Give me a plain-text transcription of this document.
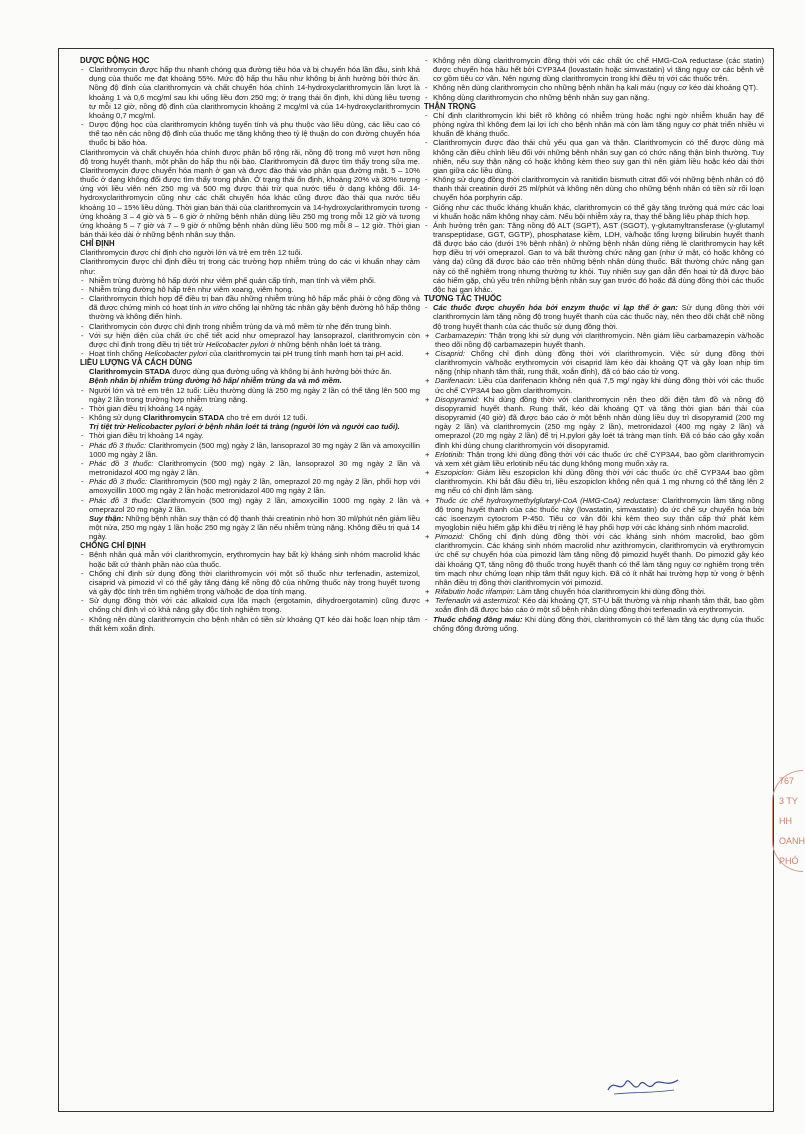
DƯỢC ĐỘNG HỌC

- Clarithromycin được hấp thu nhanh chóng qua đường tiêu hóa và bị chuyển hóa lần đầu, sinh khả dụng của thuốc mẹ đạt khoảng 55%. Mức độ hấp thu hầu như không bị ảnh hưởng bởi thức ăn. Nồng độ đỉnh của clarithromycin và chất chuyển hóa chính 14-hydroxyclarithromycin lần lượt là khoảng 1 và 0,6 mcg/ml sau khi uống liều đơn 250 mg; ở trạng thái ổn định, khi dùng liều tương tự mỗi 12 giờ, nồng độ đỉnh của clarithromycin khoảng 2 mcg/ml và của 14-hydroxyclarithromycin khoảng 0,7 mcg/ml.

- Dược động học của clarithromycin không tuyến tính và phụ thuộc vào liều dùng, các liều cao có thể tạo nên các nồng độ đỉnh của thuốc mẹ tăng không theo tỷ lệ thuận do con đường chuyển hóa thuốc bị bão hòa.

Clarithromycin và chất chuyển hóa chính được phân bố rộng rãi, nồng độ trong mô vượt hơn nồng độ trong huyết thanh, một phần do hấp thu nội bào. Clarithromycin đã được tìm thấy trong sữa mẹ. Clarithromycin được chuyển hóa mạnh ở gan và được đào thải vào phân qua đường mật. 5 – 10% thuốc ở dạng không đổi được tìm thấy trong phân. Ở trạng thái ổn định, khoảng 20% và 30% tương ứng với liều viên nén 250 mg và 500 mg được thải trừ qua nước tiểu ở dạng không đổi. 14-hydroxyclarithromycin cũng như các chất chuyển hóa khác cũng được đào thải qua nước tiểu khoảng 10 – 15% liều dùng. Thời gian bán thải của clarithromycin và 14-hydroxyclarithromycin tương ứng khoảng 3 – 4 giờ và 5 – 6 giờ ở những bệnh nhân dùng liều 250 mg trong mỗi 12 giờ và tương ứng khoảng 5 – 7 giờ và 7 – 9 giờ ở những bệnh nhân dùng liều 500 mg mỗi 8 – 12 giờ. Thời gian bán thải kéo dài ở những bệnh nhân suy thận.

CHỈ ĐỊNH

Clarithromycin được chỉ định cho người lớn và trẻ em trên 12 tuổi.

Clarithromycin được chỉ định điều trị trong các trường hợp nhiễm trùng do các vi khuẩn nhạy cảm như:

- Nhiễm trùng đường hô hấp dưới như viêm phế quản cấp tính, mạn tính và viêm phổi.

- Nhiễm trùng đường hô hấp trên như viêm xoang, viêm họng.

- Clarithromycin thích hợp để điều trị ban đầu những nhiễm trùng hô hấp mắc phải ở cộng đồng và đã được chứng minh có hoạt tính in vitro chống lại những tác nhân gây bệnh đường hô hấp thông thường và không điển hình.

- Clarithromycin còn được chỉ định trong nhiễm trùng da và mô mềm từ nhẹ đến trung bình.

- Với sự hiện diện của chất ức chế tiết acid như omeprazol hay lansoprazol, clarithromycin còn được chỉ định trong điều trị tiệt trừ Helicobacter pylori ở những bệnh nhân loét tá tràng.

- Hoạt tính chống Helicobacter pylori của clarithromycin tại pH trung tính mạnh hơn tại pH acid.

LIỀU LƯỢNG VÀ CÁCH DÙNG

Clarithromycin STADA được dùng qua đường uống và không bị ảnh hưởng bởi thức ăn.

Bệnh nhân bị nhiễm trùng đường hô hấp/ nhiễm trùng da và mô mềm.

- Người lớn và trẻ em trên 12 tuổi: Liều thường dùng là 250 mg ngày 2 lần có thể tăng lên 500 mg ngày 2 lần trong trường hợp nhiễm trùng nặng.

- Thời gian điều trị khoảng 14 ngày.

- Không sử dụng Clarithromycin STADA cho trẻ em dưới 12 tuổi.

Trị tiệt trừ Helicobacter pylori ở bệnh nhân loét tá tràng (người lớn và người cao tuổi).

- Thời gian điều trị khoảng 14 ngày.

- Phác đồ 3 thuốc: Clarithromycin (500 mg) ngày 2 lần, lansoprazol 30 mg ngày 2 lần và amoxycillin 1000 mg ngày 2 lần.

- Phác đồ 3 thuốc: Clarithromycin (500 mg) ngày 2 lần, lansoprazol 30 mg ngày 2 lần và metronidazol 400 mg ngày 2 lần.

- Phác đồ 3 thuốc: Clarithromycin (500 mg) ngày 2 lần, omeprazol 20 mg ngày 2 lần, phối hợp với amoxycillin 1000 mg ngày 2 lần hoặc metronidazol 400 mg ngày 2 lần.

- Phác đồ 3 thuốc: Clarithromycin (500 mg) ngày 2 lần, amoxycillin 1000 mg ngày 2 lần và omeprazol 20 mg ngày 2 lần.

Suy thận: Những bệnh nhân suy thận có độ thanh thải creatinin nhỏ hơn 30 ml/phút nên giảm liều một nửa, 250 mg ngày 1 lần hoặc 250 mg ngày 2 lần nếu nhiễm trùng nặng. Không điều trị quá 14 ngày.

CHỐNG CHỈ ĐỊNH

- Bệnh nhân quá mẫn với clarithromycin, erythromycin hay bất kỳ kháng sinh nhóm macrolid khác hoặc bất cứ thành phần nào của thuốc.

- Chống chỉ định sử dụng đồng thời clarithromycin với một số thuốc như terfenadin, astemizol, cisaprid và pimozid vì có thể gây tăng đáng kể nồng độ của những thuốc này trong huyết tương và gây độc tính trên tim nghiêm trọng và/hoặc đe dọa tính mạng.

- Sử dụng đồng thời với các alkaloid cựa lõa mạch (ergotamin, dihydroergotamin) cũng được chống chỉ định vì có khả năng gây độc tính nghiêm trọng.

- Không nên dùng clarithromycin cho bệnh nhân có tiền sử khoảng QT kéo dài hoặc loạn nhịp tâm thất kèm xoắn đỉnh.

- Không nên dùng clarithromycin đồng thời với các chất ức chế HMG-CoA reductase (các statin) được chuyển hóa hầu hết bởi CYP3A4 (lovastatin hoặc simvastatin) vì tăng nguy cơ các bệnh về cơ gồm tiêu cơ vân. Nên ngưng dùng clarithromycin trong khi điều trị với các thuốc trên.

- Không nên dùng clarithromycin cho những bệnh nhân hạ kali máu (nguy cơ kéo dài khoảng QT).

- Không dùng clarithromycin cho những bệnh nhân suy gan nặng.

THẬN TRỌNG

- Chỉ định clarithromycin khi biết rõ không có nhiễm trùng hoặc nghi ngờ nhiễm khuẩn hay để phòng ngừa thì không đem lại lợi ích cho bệnh nhân mà còn làm tăng nguy cơ phát triển nhiều vi khuẩn đề kháng thuốc.

- Clarithromycin được đào thải chủ yếu qua gan và thận. Clarithromycin có thể được dùng mà không cần điều chỉnh liều đối với những bệnh nhân suy gan có chức năng thận bình thường. Tuy nhiên, nếu suy thận nặng có hoặc không kèm theo suy gan thì nên giảm liều hoặc kéo dài thời gian giữa các liều dùng.

- Không sử dụng đồng thời clarithromycin và ranitidin bismuth citrat đối với những bệnh nhân có độ thanh thải creatinin dưới 25 ml/phút và không nên dùng cho những bệnh nhân có tiền sử rối loạn chuyển hóa porphyrin cấp.

- Giống như các thuốc kháng khuẩn khác, clarithromycin có thể gây tăng trưởng quá mức các loại vi khuẩn hoặc nấm không nhạy cảm. Nếu bội nhiễm xảy ra, thay thế bằng liệu pháp thích hợp.

- Ảnh hưởng trên gan: Tăng nồng độ ALT (SGPT), AST (SGOT), γ-glutamyltransferase (γ-glutamyl transpeptidase, GGT, GGTP), phosphatase kiềm, LDH, và/hoặc tổng lượng bilirubin huyết thanh đã được báo cáo (dưới 1% bệnh nhân) ở những bệnh nhân dùng riêng lẻ clarithromycin hay kết hợp điều trị với omeprazol. Gan to và bất thường chức năng gan (như ứ mật, có hoặc không có vàng da) cũng đã được báo cáo trên những bệnh nhân dùng thuốc. Bất thường chức năng gan này có thể nghiêm trọng nhưng thường tự khỏi. Tuy nhiên suy gan dẫn đến hoại tử đã được báo cáo hiếm gặp, chủ yếu trên những bệnh nhân suy gan trước đó hoặc đã dùng đồng thời các thuốc độc hại gan khác.

TƯƠNG TÁC THUỐC

- Các thuốc được chuyển hóa bởi enzym thuộc vi lạp thể ở gan: Sử dụng đồng thời với clarithromycin làm tăng nồng độ trong huyết thanh của các thuốc này, nên theo dõi chặt chẽ nồng độ trong huyết thanh của các thuốc sử dụng đồng thời.

+ Carbamazepin: Thận trọng khi sử dụng với clarithromycin. Nên giám liều carbamazepin và/hoặc theo dõi nồng độ carbamazepin huyết thanh.

+ Cisaprid: Chống chỉ định dùng đồng thời với clarithromycin. Việc sử dụng đồng thời clarithromycin và/hoặc erythromycin với cisaprid làm kéo dài khoảng QT và gây loạn nhịp tim nặng (nhịp nhanh tâm thất, rung thất, xoắn đỉnh), đã có báo cáo tử vong.

+ Darifenacin: Liều của darifenacin không nên quá 7,5 mg/ ngày khi dùng đồng thời với các thuốc ức chế CYP3A4 bao gồm clarithromycin.

+ Disopyramid: Khi dùng đồng thời với clarithromycin nên theo dõi điện tâm đồ và nồng độ disopyramid huyết thanh. Rung thất, kéo dài khoảng QT và tăng thời gian bán thải của disopyramid (40 giờ) đã được báo cáo ở một bệnh nhân dùng liều duy trì disopyramid (200 mg ngày 2 lần) và clarithromycin (250 mg ngày 2 lần), metronidazol (400 mg ngày 2 lần) và omeprazol (20 mg ngày 2 lần) để trị H.pylori gây loét tá tràng mạn tính. Đã có báo cáo gây xoắn đỉnh khi dùng chung clarithromycin với disopyramid.

+ Erlotinib: Thận trọng khi dùng đồng thời với các thuốc ức chế CYP3A4, bao gồm clarithromycin và xem xét giảm liều erlotinib nếu tác dụng không mong muốn xảy ra.

+ Eszopiclon: Giảm liều eszopiclon khi dùng đồng thời với các thuốc ức chế CYP3A4 bao gồm clarithromycin. Khi bắt đầu điều trị, liều eszopiclon không nên quá 1 mg nhưng có thể tăng lên 2 mg nếu có chỉ định lâm sàng.

+ Thuốc ức chế hydroxymethylglutaryl-CoA (HMG-CoA) reductase: Clarithromycin làm tăng nồng độ trong huyết thanh của các thuốc này (lovastatin, simvastatin) do ức chế sự chuyển hóa bởi các isoenzym cytocrom P-450. Tiêu cơ vân đôi khi kèm theo suy thận cấp thứ phát kèm myoglobin niệu hiếm gặp khi điều trị riêng lẻ hay phối hợp với các kháng sinh nhóm macrolid.

+ Pimozid: Chống chỉ định dùng đồng thời với các kháng sinh nhóm macrolid, bao gồm clarithromycin. Các kháng sinh nhóm macrolid như azithromycin, clarithromycin và erythromycin ức chế sự chuyển hóa của pimozid làm tăng nồng độ pimozid huyết thanh. Do pimozid gây kéo dài khoảng QT, tăng nồng độ thuốc trong huyết thanh có thể làm tăng nguy cơ nghiêm trọng trên tim mạch như chứng loạn nhịp tâm thất nguy kịch. Đã có ít nhất hai trường hợp tử vong ở bệnh nhân điều trị đồng thời clarithromycin với pimozid.

+ Rifabutin hoặc rifampin: Làm tăng chuyển hóa clarithromycin khi dùng đồng thời.

+ Terfenadin và astermizol: Kéo dài khoảng QT, ST-U bất thường và nhịp nhanh tâm thất, bao gồm xoắn đỉnh đã được báo cáo ở một số bệnh nhân dùng đồng thời terfenadin và erythromycin.

- Thuốc chống đông máu: Khi dùng đồng thời, clarithromycin có thể làm tăng tác dụng của thuốc chống đông đường uống.

767
3 TY
HH
OANH
PHÓ
